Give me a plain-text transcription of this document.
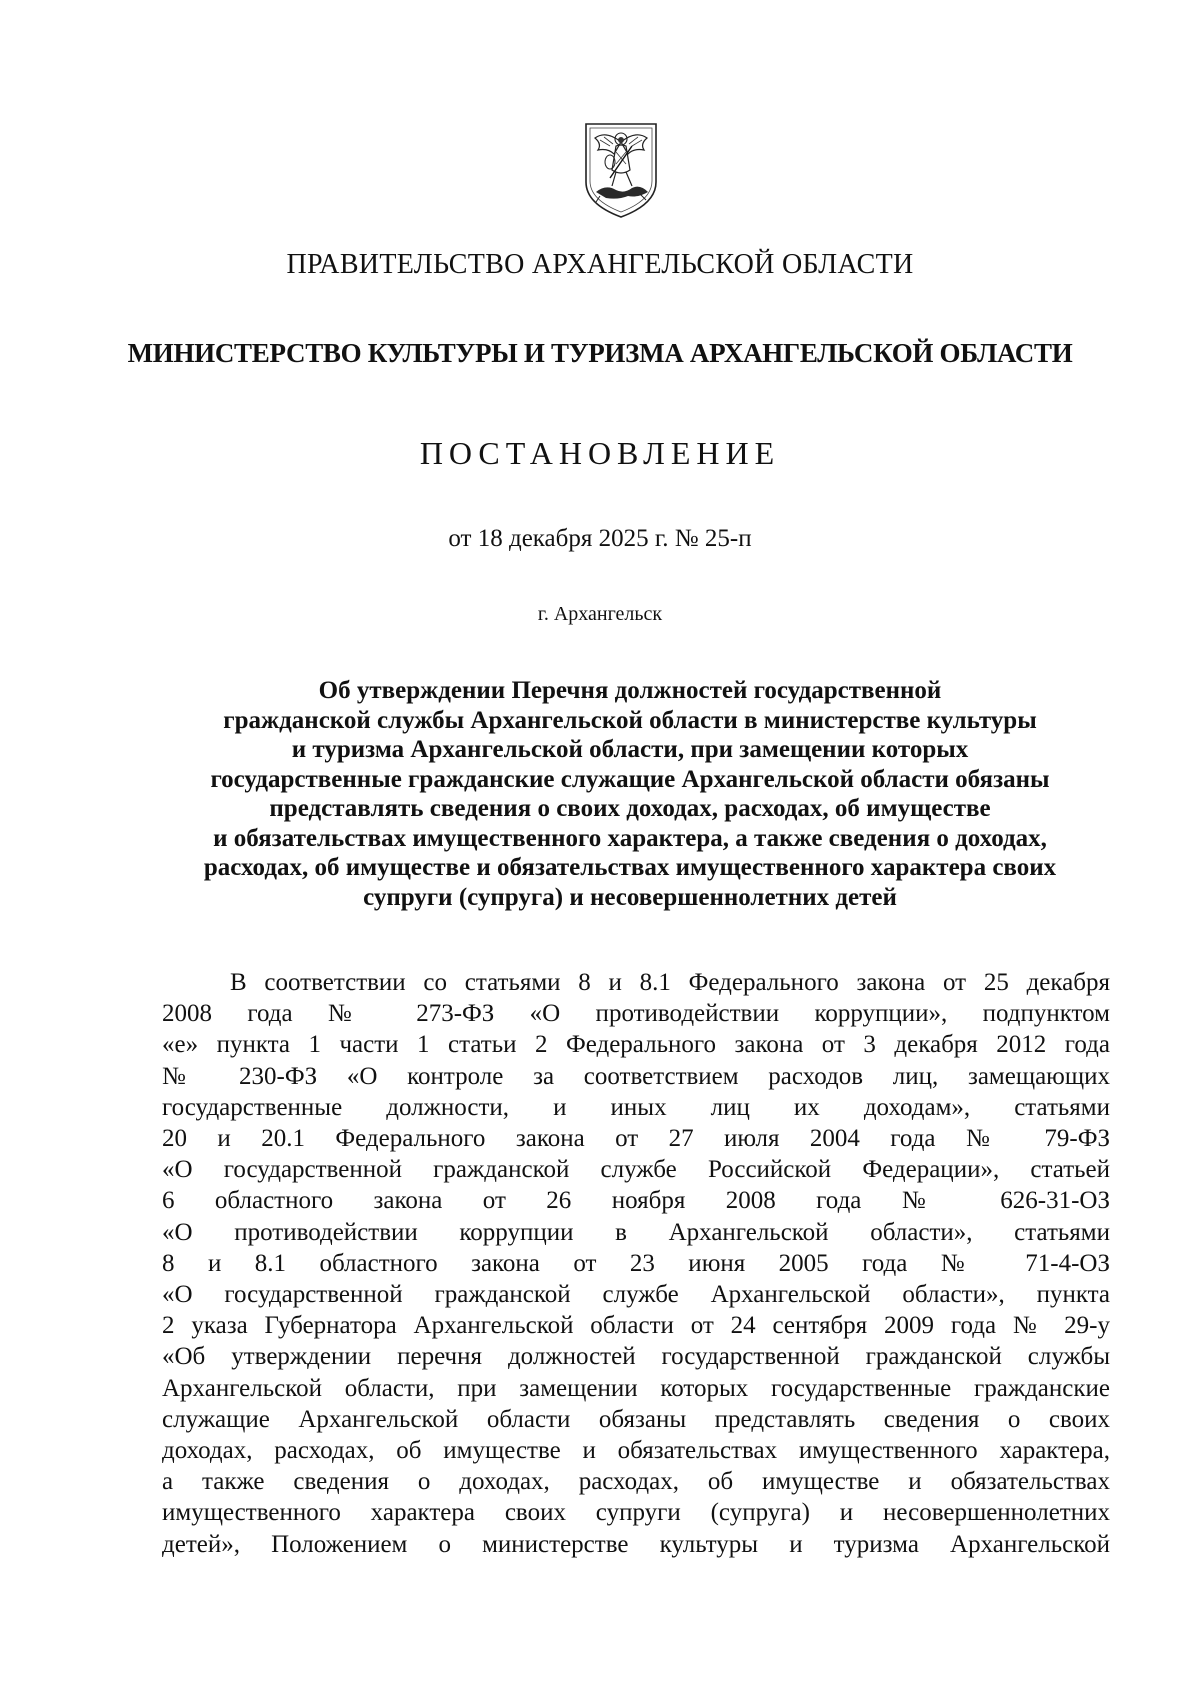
ПРАВИТЕЛЬСТВО АРХАНГЕЛЬСКОЙ ОБЛАСТИ
МИНИСТЕРСТВО КУЛЬТУРЫ И ТУРИЗМА АРХАНГЕЛЬСКОЙ ОБЛАСТИ
ПОСТАНОВЛЕНИЕ
от 18 декабря 2025 г. № 25-п
г. Архангельск
Об утверждении Перечня должностей государственной
гражданской службы Архангельской области в министерстве культуры
и туризма Архангельской области, при замещении которых
государственные гражданские служащие Архангельской области обязаны
представлять сведения о своих доходах, расходах, об имуществе
и обязательствах имущественного характера, а также сведения о доходах,
расходах, об имуществе и обязательствах имущественного характера своих
супруги (супруга) и несовершеннолетних детей
В соответствии со статьями 8 и 8.1 Федерального закона от 25 декабря
2008 года № 273-ФЗ «О противодействии коррупции», подпунктом
«е» пункта 1 части 1 статьи 2 Федерального закона от 3 декабря 2012 года
№ 230-ФЗ «О контроле за соответствием расходов лиц, замещающих
государственные должности, и иных лиц их доходам», статьями
20 и 20.1 Федерального закона от 27 июля 2004 года № 79-ФЗ
«О государственной гражданской службе Российской Федерации», статьей
6 областного закона от 26 ноября 2008 года № 626-31-ОЗ
«О противодействии коррупции в Архангельской области», статьями
8 и 8.1 областного закона от 23 июня 2005 года № 71-4-ОЗ
«О государственной гражданской службе Архангельской области», пункта
2 указа Губернатора Архангельской области от 24 сентября 2009 года № 29-у
«Об утверждении перечня должностей государственной гражданской службы
Архангельской области, при замещении которых государственные гражданские
служащие Архангельской области обязаны представлять сведения о своих
доходах, расходах, об имуществе и обязательствах имущественного характера,
а также сведения о доходах, расходах, об имуществе и обязательствах
имущественного характера своих супруги (супруга) и несовершеннолетних
детей», Положением о министерстве культуры и туризма Архангельской
